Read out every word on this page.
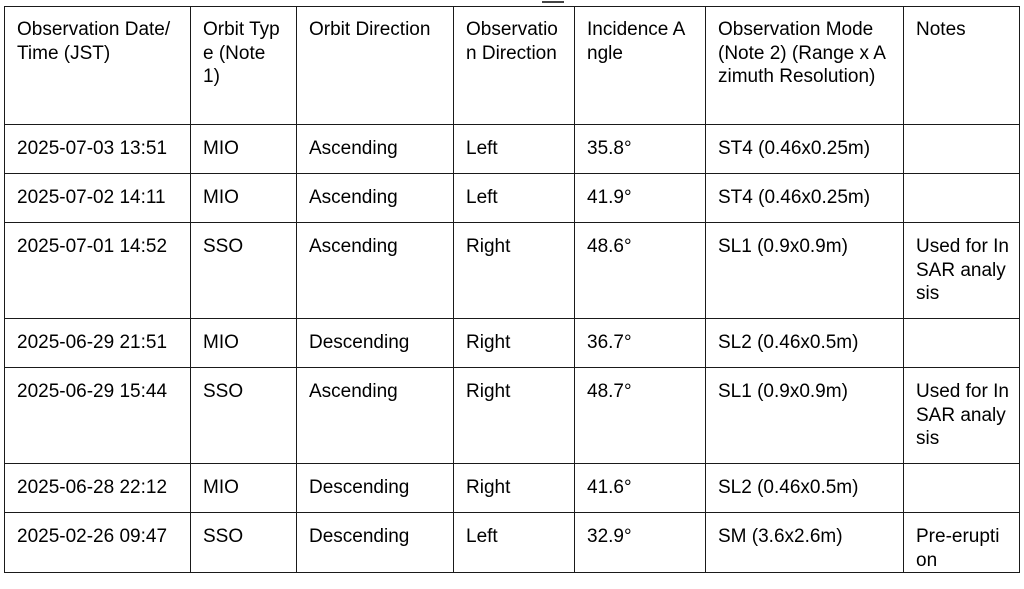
Observation Date/Time (JST)	Orbit Type (Note 1)	Orbit Direction	Observation Direction	Incidence Angle	Observation Mode (Note 2) (Range x Azimuth Resolution)	Notes
2025-07-03 13:51	MIO	Ascending	Left	35.8°	ST4 (0.46x0.25m)	
2025-07-02 14:11	MIO	Ascending	Left	41.9°	ST4 (0.46x0.25m)	
2025-07-01 14:52	SSO	Ascending	Right	48.6°	SL1 (0.9x0.9m)	Used for InSAR analysis
2025-06-29 21:51	MIO	Descending	Right	36.7°	SL2 (0.46x0.5m)	
2025-06-29 15:44	SSO	Ascending	Right	48.7°	SL1 (0.9x0.9m)	Used for InSAR analysis
2025-06-28 22:12	MIO	Descending	Right	41.6°	SL2 (0.46x0.5m)	
2025-02-26 09:47	SSO	Descending	Left	32.9°	SM (3.6x2.6m)	Pre-eruption
